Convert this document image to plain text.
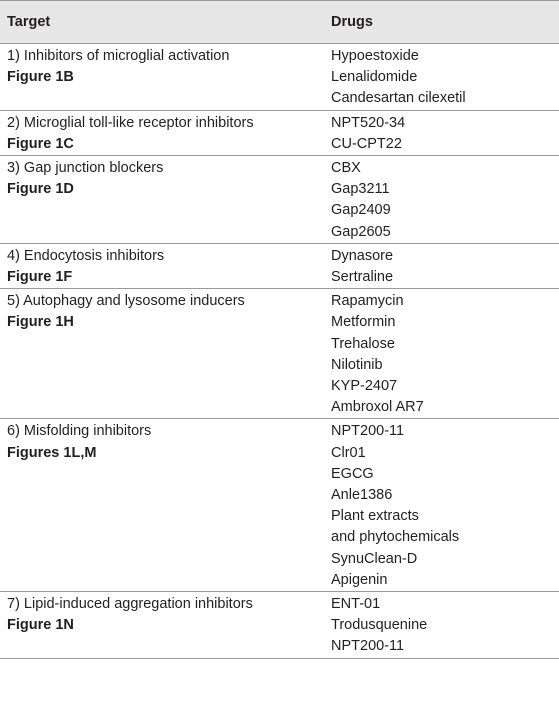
Target	Drugs
1) Inhibitors of microglial activation
Figure 1B
Hypoestoxide
Lenalidomide
Candesartan cilexetil
2) Microglial toll-like receptor inhibitors
Figure 1C
NPT520-34
CU-CPT22
3) Gap junction blockers
Figure 1D
CBX
Gap3211
Gap2409
Gap2605
4) Endocytosis inhibitors
Figure 1F
Dynasore
Sertraline
5) Autophagy and lysosome inducers
Figure 1H
Rapamycin
Metformin
Trehalose
Nilotinib
KYP-2407
Ambroxol AR7
6) Misfolding inhibitors
Figures 1L,M
NPT200-11
Clr01
EGCG
Anle1386
Plant extracts
and phytochemicals
SynuClean-D
Apigenin
7) Lipid-induced aggregation inhibitors
Figure 1N
ENT-01
Trodusquenine
NPT200-11
